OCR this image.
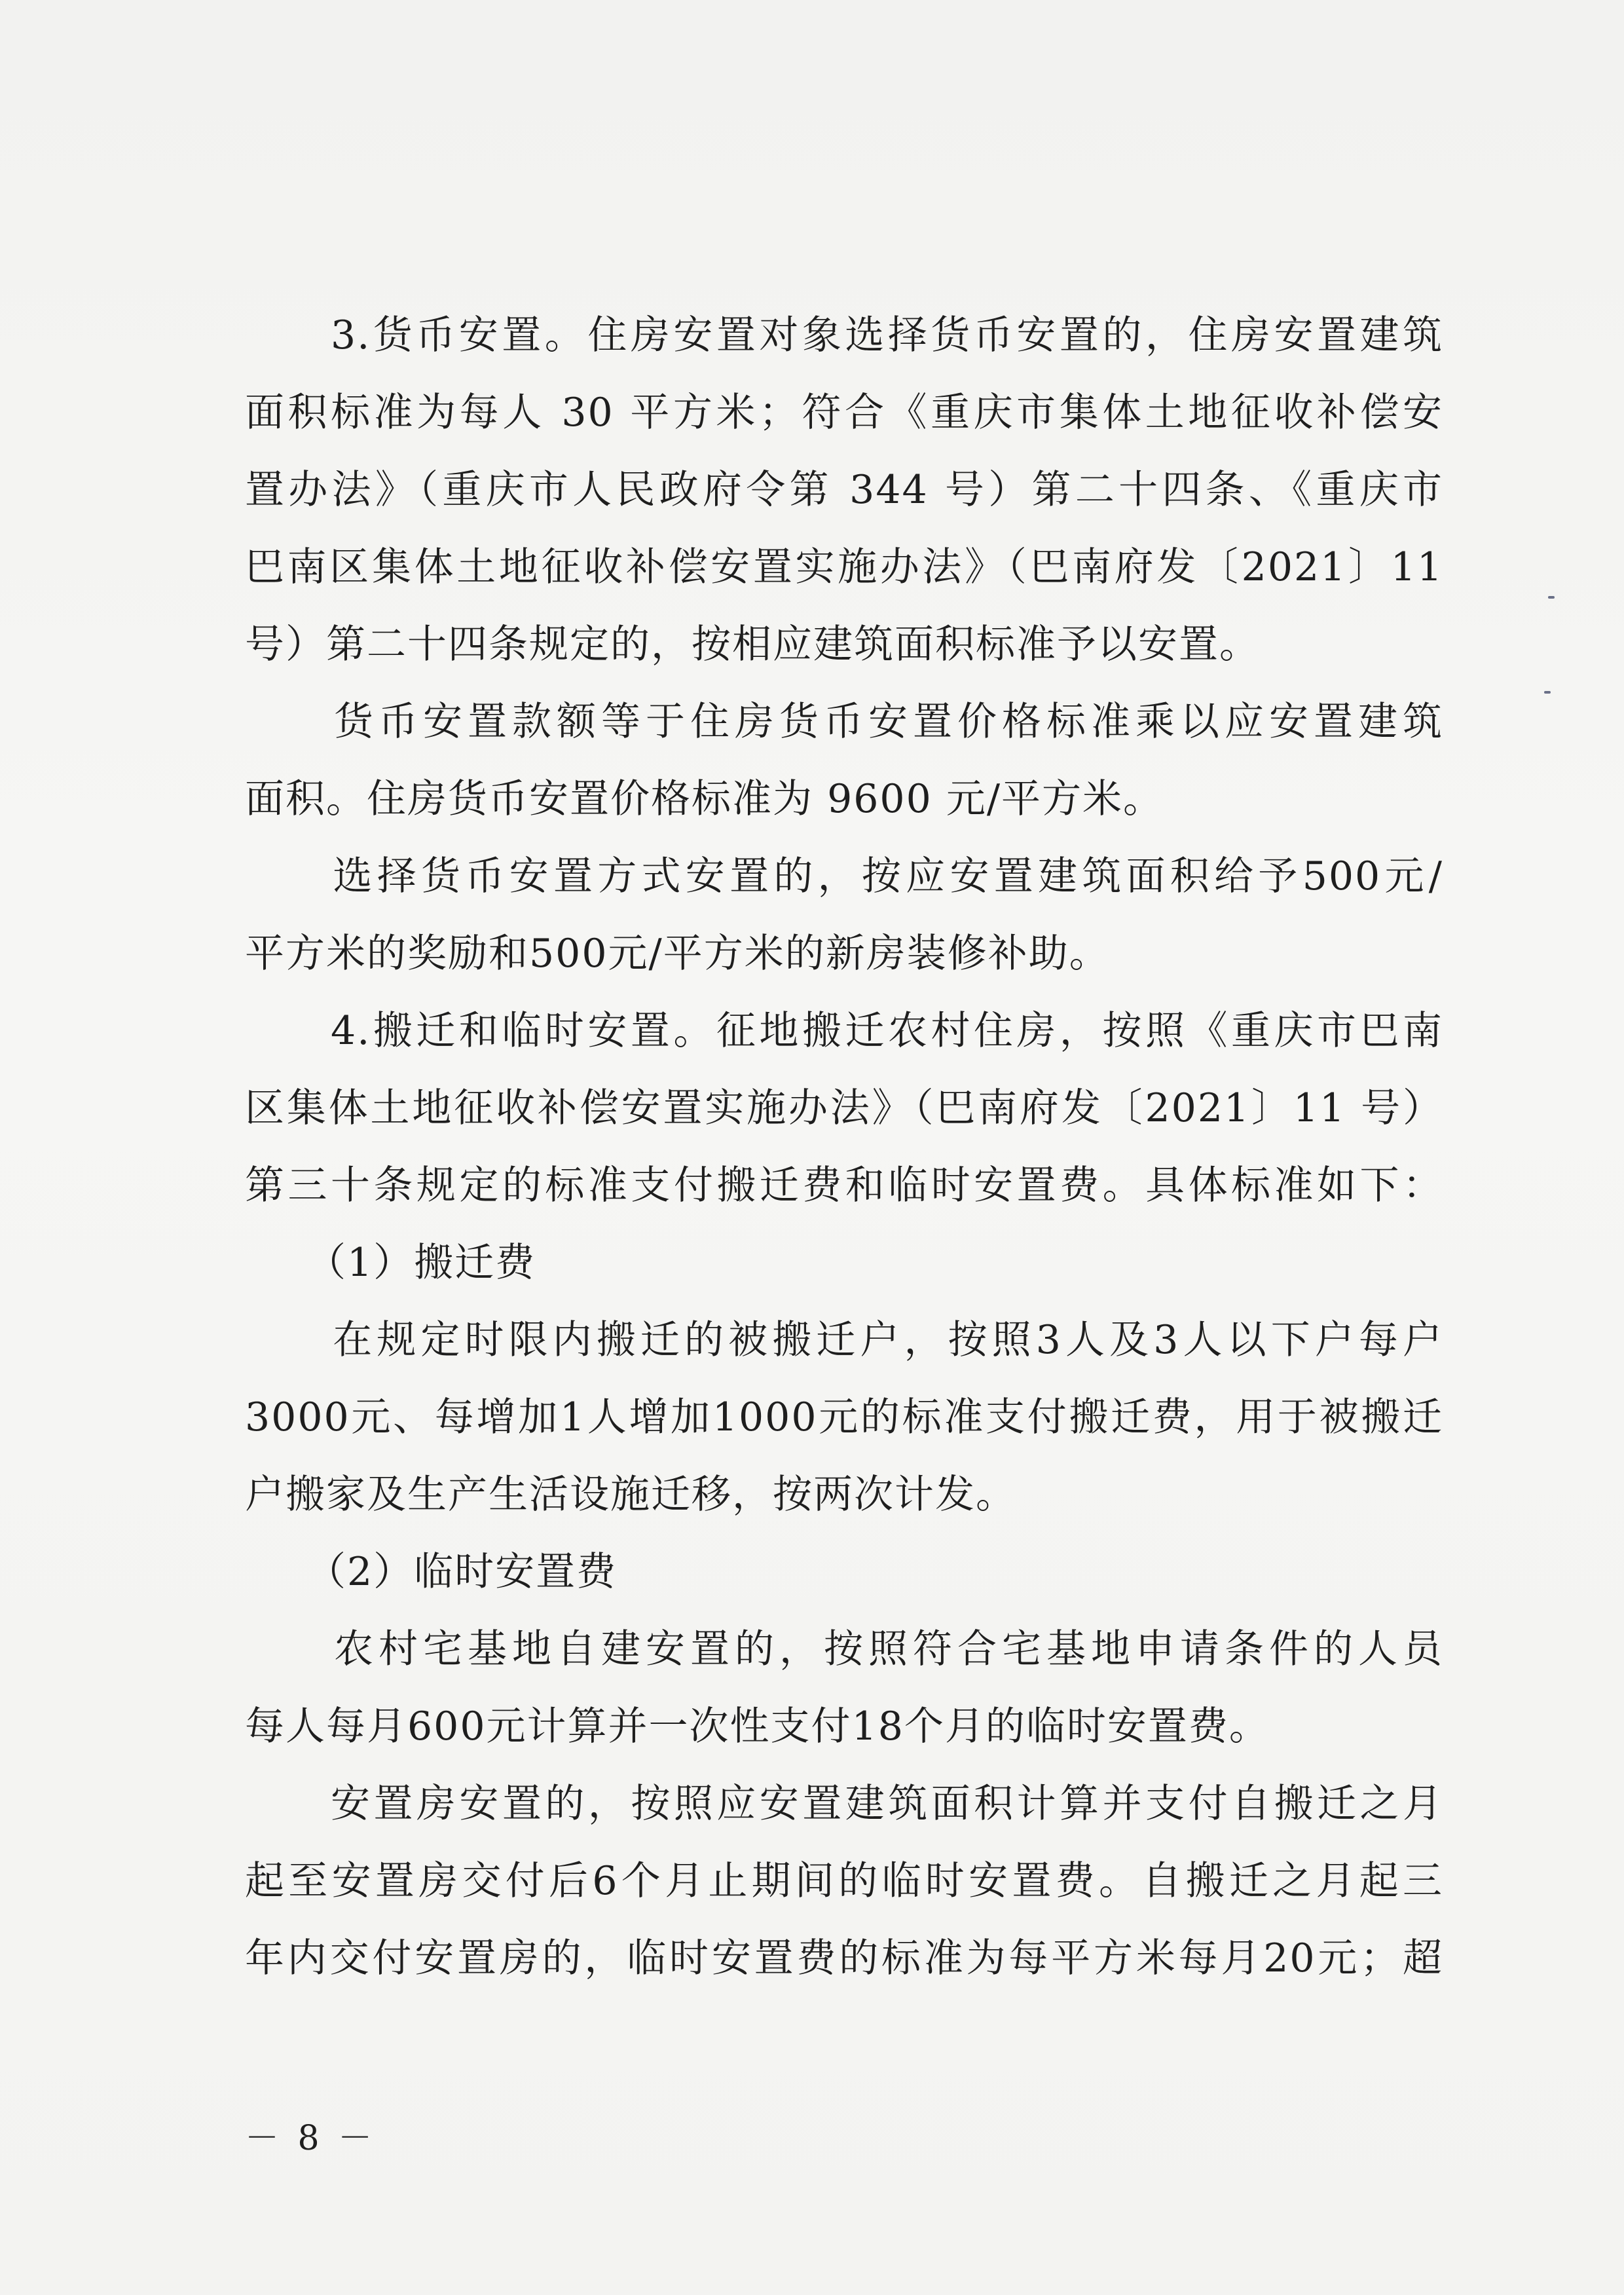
　　3.货币安置。住房安置对象选择货币安置的，住房安置建筑
面积标准为每人 30 平方米；符合《重庆市集体土地征收补偿安
置办法》（重庆市人民政府令第 344 号）第二十四条、《重庆市
巴南区集体土地征收补偿安置实施办法》（巴南府发〔2021〕11
号）第二十四条规定的，按相应建筑面积标准予以安置。
　　货币安置款额等于住房货币安置价格标准乘以应安置建筑
面积。住房货币安置价格标准为 9600 元/平方米。
　　选择货币安置方式安置的，按应安置建筑面积给予500元/
平方米的奖励和500元/平方米的新房装修补助。
　　4.搬迁和临时安置。征地搬迁农村住房，按照《重庆市巴南
区集体土地征收补偿安置实施办法》（巴南府发〔2021〕11 号）
第三十条规定的标准支付搬迁费和临时安置费。具体标准如下：
　　（1）搬迁费
　　在规定时限内搬迁的被搬迁户，按照3人及3人以下户每户
3000元、每增加1人增加1000元的标准支付搬迁费，用于被搬迁
户搬家及生产生活设施迁移，按两次计发。
　　（2）临时安置费
　　农村宅基地自建安置的，按照符合宅基地申请条件的人员
每人每月600元计算并一次性支付18个月的临时安置费。
　　安置房安置的，按照应安置建筑面积计算并支付自搬迁之月
起至安置房交付后6个月止期间的临时安置费。自搬迁之月起三
年内交付安置房的，临时安置费的标准为每平方米每月20元；超
－ 8 －
